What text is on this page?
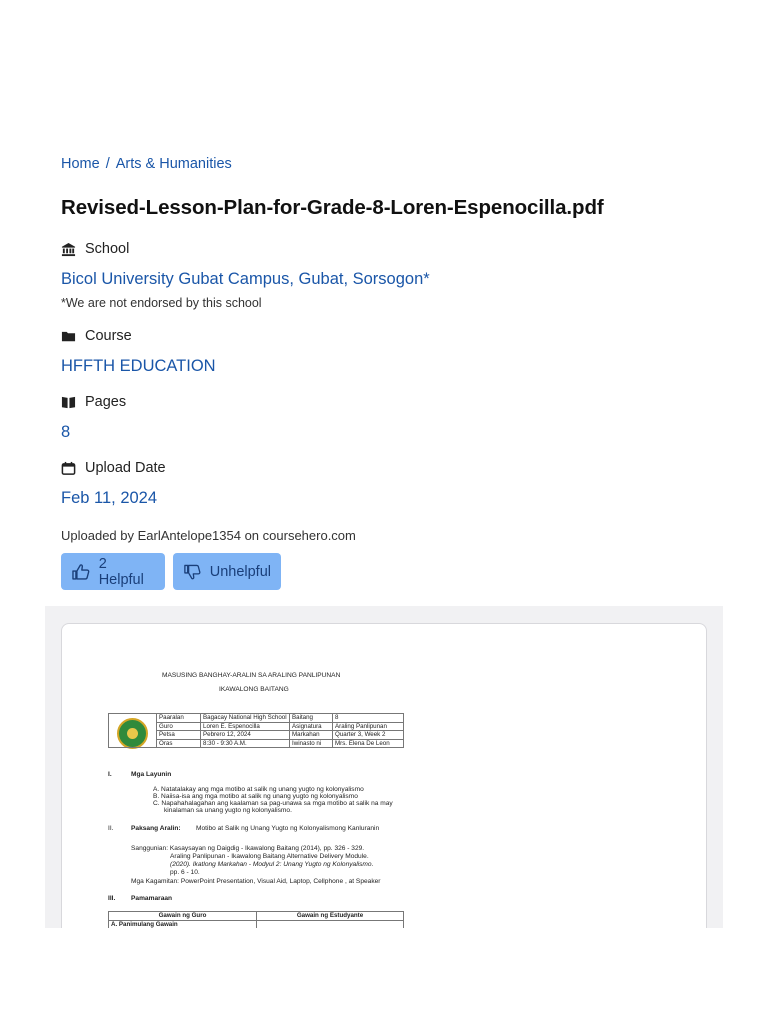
Home / Arts & Humanities
Revised-Lesson-Plan-for-Grade-8-Loren-Espenocilla.pdf
School
Bicol University Gubat Campus, Gubat, Sorsogon*
*We are not endorsed by this school
Course
HFFTH EDUCATION
Pages
8
Upload Date
Feb 11, 2024
Uploaded by EarlAntelope1354 on coursehero.com
2 Helpful	Unhelpful
MASUSING BANGHAY-ARALIN SA ARALING PANLIPUNAN
IKAWALONG BAITANG
	Paaralan	Bagacay National High School	Baitang	8
	Guro	Loren E. Espenocilla	Asignatura	Araling Panlipunan
	Petsa	Pebrero 12, 2024	Markahan	Quarter 3, Week 2
	Oras	8:30 - 9:30 A.M.	Iwinasto ni	Mrs. Elena De Leon
I.	Mga Layunin
A. Natatalakay ang mga motibo at salik ng unang yugto ng kolonyalismo
B. Naiisa-isa ang mga motibo at salik ng unang yugto ng kolonyalismo
C. Napahahalagahan ang kaalaman sa pag-unawa sa mga motibo at salik na may
kinalaman sa unang yugto ng kolonyalismo.
II.	Paksang Aralin: Motibo at Salik ng Unang Yugto ng Kolonyalismong Kanluranin
Sanggunian: Kasaysayan ng Daigdig - Ikawalong Baitang (2014), pp. 326 - 329.
Araling Panlipunan - Ikawalong Baitang Alternative Delivery Module.
(2020). Ikatlong Markahan - Modyul 2: Unang Yugto ng Kolonyalismo.
pp. 6 - 10.
Mga Kagamitan: PowerPoint Presentation, Visual Aid, Laptop, Cellphone , at Speaker
III. Pamamaraan
Gawain ng Guro	Gawain ng Estudyante
A. Panimulang Gawain	
